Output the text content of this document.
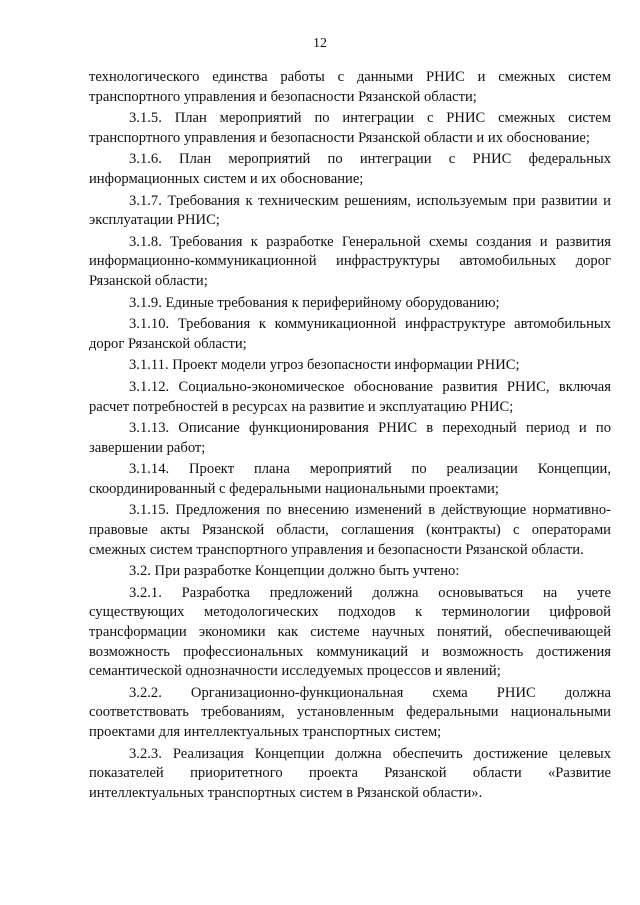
12

технологического единства работы с данными РНИС и смежных систем транспортного управления и безопасности Рязанской области;

3.1.5. План мероприятий по интеграции с РНИС смежных систем транспортного управления и безопасности Рязанской области и их обоснование;

3.1.6. План мероприятий по интеграции с РНИС федеральных информационных систем и их обоснование;

3.1.7. Требования к техническим решениям, используемым при развитии и эксплуатации РНИС;

3.1.8. Требования к разработке Генеральной схемы создания и развития информационно-коммуникационной инфраструктуры автомобильных дорог Рязанской области;

3.1.9. Единые требования к периферийному оборудованию;

3.1.10. Требования к коммуникационной инфраструктуре автомобильных дорог Рязанской области;

3.1.11. Проект модели угроз безопасности информации РНИС;

3.1.12. Социально-экономическое обоснование развития РНИС, включая расчет потребностей в ресурсах на развитие и эксплуатацию РНИС;

3.1.13. Описание функционирования РНИС в переходный период и по завершении работ;

3.1.14. Проект плана мероприятий по реализации Концепции, скоординированный с федеральными национальными проектами;

3.1.15. Предложения по внесению изменений в действующие нормативно-правовые акты Рязанской области, соглашения (контракты) с операторами смежных систем транспортного управления и безопасности Рязанской области.

3.2. При разработке Концепции должно быть учтено:

3.2.1. Разработка предложений должна основываться на учете существующих методологических подходов к терминологии цифровой трансформации экономики как системе научных понятий, обеспечивающей возможность профессиональных коммуникаций и возможность достижения семантической однозначности исследуемых процессов и явлений;

3.2.2. Организационно-функциональная схема РНИС должна соответствовать требованиям, установленным федеральными национальными проектами для интеллектуальных транспортных систем;

3.2.3. Реализация Концепции должна обеспечить достижение целевых показателей приоритетного проекта Рязанской области «Развитие интеллектуальных транспортных систем в Рязанской области».
